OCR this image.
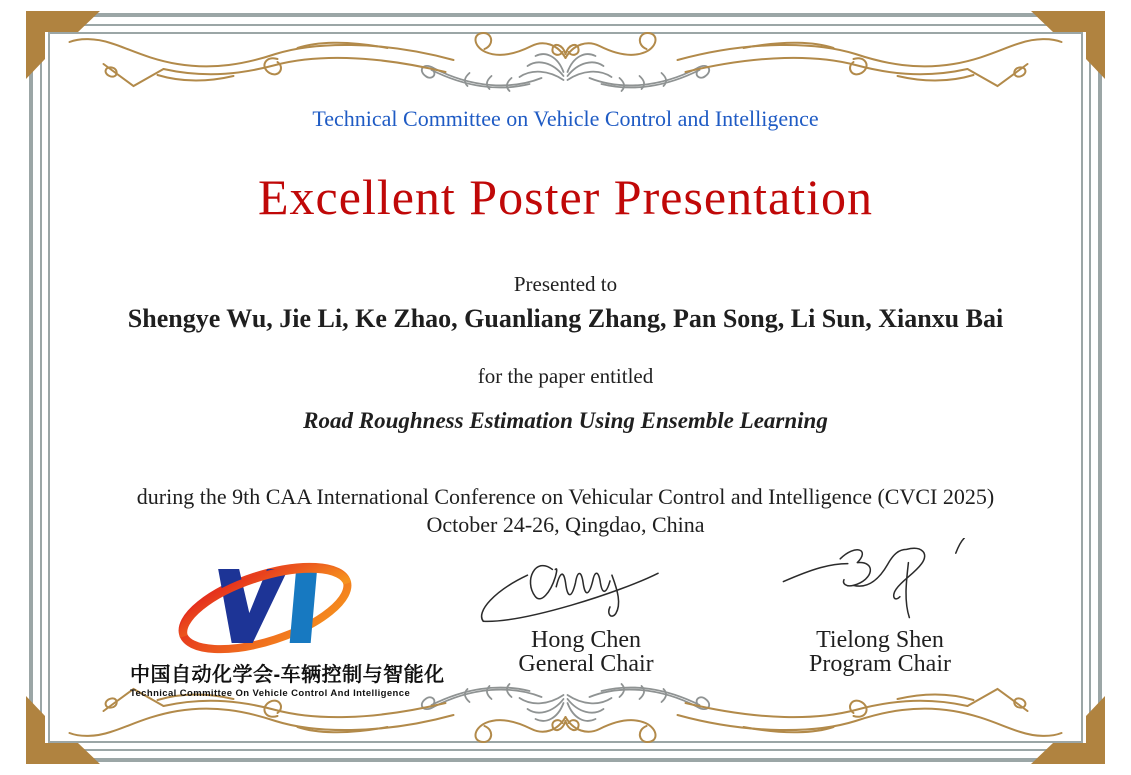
Technical Committee on Vehicle Control and Intelligence
Excellent Poster Presentation
Presented to
Shengye Wu, Jie Li, Ke Zhao, Guanliang Zhang, Pan Song, Li Sun, Xianxu Bai
for the paper entitled
Road Roughness Estimation Using Ensemble Learning
during the 9th CAA International Conference on Vehicular Control and Intelligence (CVCI 2025)
October 24-26, Qingdao, China
中国自动化学会-车辆控制与智能化
Technical Committee On Vehicle Control And Intelligence
Hong Chen
General Chair
Tielong Shen
Program Chair
